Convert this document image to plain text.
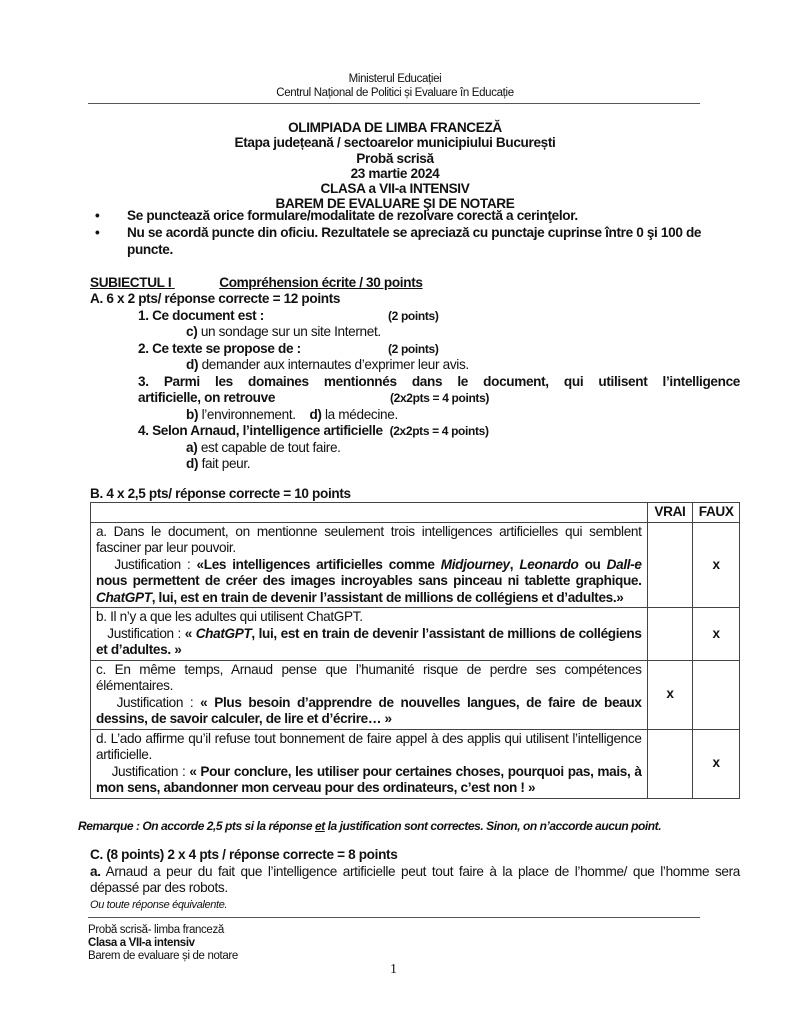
Ministerul Educației
Centrul Național de Politici și Evaluare în Educație
OLIMPIADA DE LIMBA FRANCEZĂ
Etapa județeană / sectoarelor municipiului București
Probă scrisă
23 martie 2024
CLASA a VII-a INTENSIV
BAREM DE EVALUARE ŞI DE NOTARE
• Se punctează orice formulare/modalitate de rezolvare corectă a cerinţelor.
• Nu se acordă puncte din oficiu. Rezultatele se apreciază cu punctaje cuprinse între 0 şi 100 de puncte.
SUBIECTUL I	Compréhension écrite / 30 points
A. 6 x 2 pts/ réponse correcte = 12 points
1. Ce document est :	(2 points)
c) un sondage sur un site Internet.
2. Ce texte se propose de :	(2 points)
d) demander aux internautes d’exprimer leur avis.
3. Parmi les domaines mentionnés dans le document, qui utilisent l’intelligence
artificielle, on retrouve	(2x2pts = 4 points)
b) l’environnement. d) la médecine.
4. Selon Arnaud, l’intelligence artificielle (2x2pts = 4 points)
a) est capable de tout faire.
d) fait peur.
B. 4 x 2,5 pts/ réponse correcte = 10 points
	VRAI	FAUX
a. Dans le document, on mentionne seulement trois intelligences artificielles qui semblent fasciner par leur pouvoir.
Justification : «Les intelligences artificielles comme Midjourney, Leonardo ou Dall-e nous permettent de créer des images incroyables sans pinceau ni tablette graphique. ChatGPT, lui, est en train de devenir l’assistant de millions de collégiens et d’adultes.»		x
b. Il n’y a que les adultes qui utilisent ChatGPT.
Justification : « ChatGPT, lui, est en train de devenir l’assistant de millions de collégiens et d’adultes. »		x
c. En même temps, Arnaud pense que l’humanité risque de perdre ses compétences élémentaires.
Justification : « Plus besoin d’apprendre de nouvelles langues, de faire de beaux dessins, de savoir calculer, de lire et d’écrire… »	x	
d. L’ado affirme qu’il refuse tout bonnement de faire appel à des applis qui utilisent l’intelligence artificielle.
Justification : « Pour conclure, les utiliser pour certaines choses, pourquoi pas, mais, à mon sens, abandonner mon cerveau pour des ordinateurs, c’est non ! »		x
Remarque : On accorde 2,5 pts si la réponse et la justification sont correctes. Sinon, on n’accorde aucun point.
C. (8 points) 2 x 4 pts / réponse correcte = 8 points
a. Arnaud a peur du fait que l’intelligence artificielle peut tout faire à la place de l’homme/ que l’homme sera dépassé par des robots.
Ou toute réponse équivalente.
Probă scrisă- limba franceză
Clasa a VII-a intensiv
Barem de evaluare și de notare
1
